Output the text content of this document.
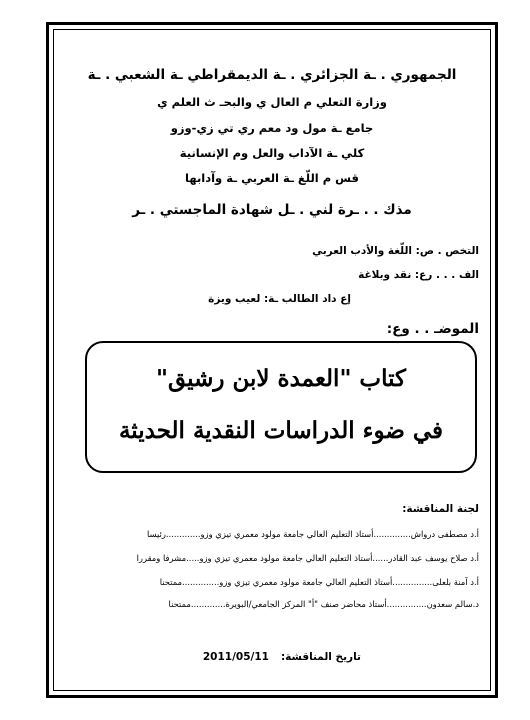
الجمهوري . ـة الجزائري . ـة الديمقراطي ـة الشعبي . ـة
وزارة التعلي م العال ي والبحـ ث العلم ي
جامع ـة مول ود معم ري تي زي-وزو
كلي ـة الآداب والعل وم الإنسانية
قس م اللّغ ـة العربي ـة وآدابها
مذك . . ـرة لني . ـل شهادة الماجستي . ـر
التخص . ص: اللّغة والأدب العربي
الف . . . رع: نقد وبلاغة
إع داد الطالب ـة: لعيب ويزة
الموضـ . . وع:
كتاب "العمدة لابن رشيق"
في ضوء الدراسات النقدية الحديثة
لجنة المناقشة:
أ.د مصطفى درواش..............أستاذ التعليم العالي جامعة مولود معمري تيزي وزو.............رئيسا
أ.د صلاح يوسف عبد القادر......أستاذ التعليم العالي جامعة مولود معمري تيزي وزو.....مشرفا ومقررا
أ.د آمنة بلعلى...............أستاذ التعليم العالي جامعة مولود معمري تيزي وزو..............ممتحنا
د.سالم سعدون...............أستاذ محاضر صنف "أ" المركز الجامعي/البويرة.............ممتحنا
تاريخ المناقشة:
2011/05/11
